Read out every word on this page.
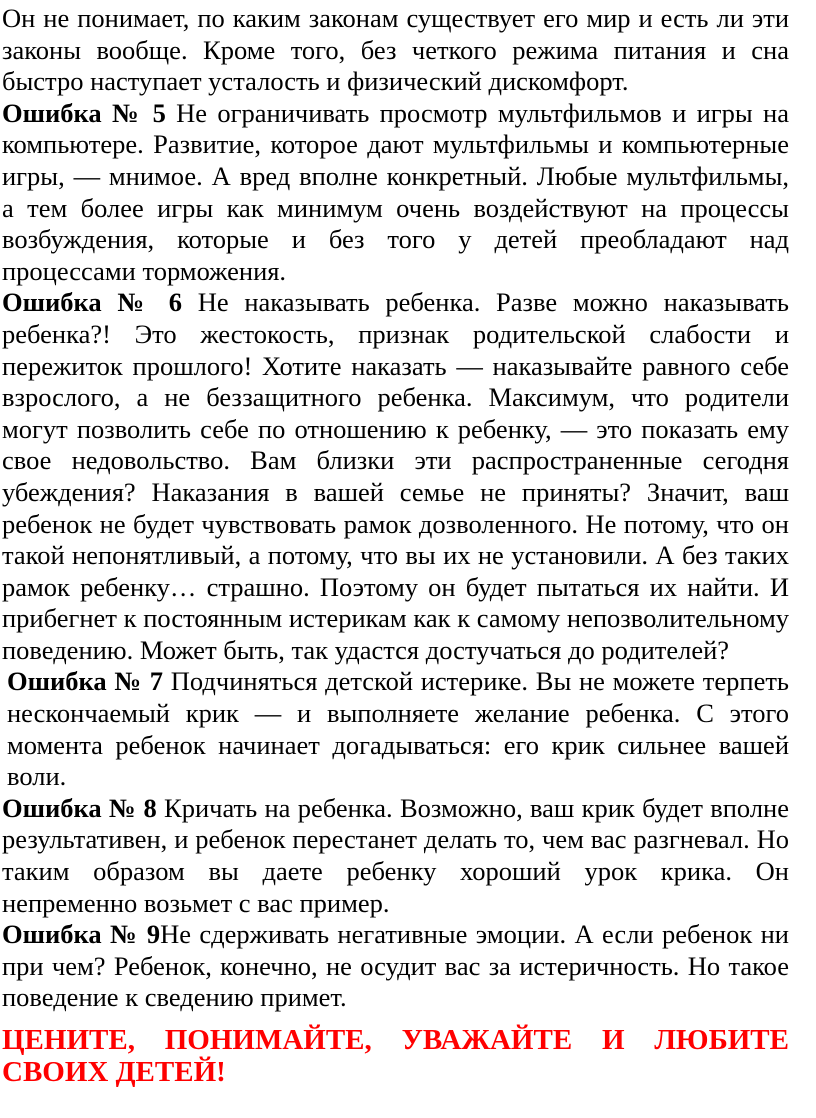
Он не понимает, по каким законам существует его мир и есть ли эти законы вообще. Кроме того, без четкого режима питания и сна быстро наступает усталость и физический дискомфорт.

Ошибка № 5 Не ограничивать просмотр мультфильмов и игры на компьютере. Развитие, которое дают мультфильмы и компьютерные игры, — мнимое. А вред вполне конкретный. Любые мультфильмы, а тем более игры как минимум очень воздействуют на процессы возбуждения, которые и без того у детей преобладают над процессами торможения.

Ошибка № 6 Не наказывать ребенка. Разве можно наказывать ребенка?! Это жестокость, признак родительской слабости и пережиток прошлого! Хотите наказать — наказывайте равного себе взрослого, а не беззащитного ребенка. Максимум, что родители могут позволить себе по отношению к ребенку, — это показать ему свое недовольство. Вам близки эти распространенные сегодня убеждения? Наказания в вашей семье не приняты? Значит, ваш ребенок не будет чувствовать рамок дозволенного. Не потому, что он такой непонятливый, а потому, что вы их не установили. А без таких рамок ребенку… страшно. Поэтому он будет пытаться их найти. И прибегнет к постоянным истерикам как к самому непозволительному поведению. Может быть, так удастся достучаться до родителей?

Ошибка № 7 Подчиняться детской истерике. Вы не можете терпеть нескончаемый крик — и выполняете желание ребенка. С этого момента ребенок начинает догадываться: его крик сильнее вашей воли.

Ошибка № 8 Кричать на ребенка. Возможно, ваш крик будет вполне результативен, и ребенок перестанет делать то, чем вас разгневал. Но таким образом вы даете ребенку хороший урок крика. Он непременно возьмет с вас пример.

Ошибка № 9Не сдерживать негативные эмоции. А если ребенок ни при чем? Ребенок, конечно, не осудит вас за истеричность. Но такое поведение к сведению примет.

ЦЕНИТЕ, ПОНИМАЙТЕ, УВАЖАЙТЕ И ЛЮБИТЕ СВОИХ ДЕТЕЙ!
